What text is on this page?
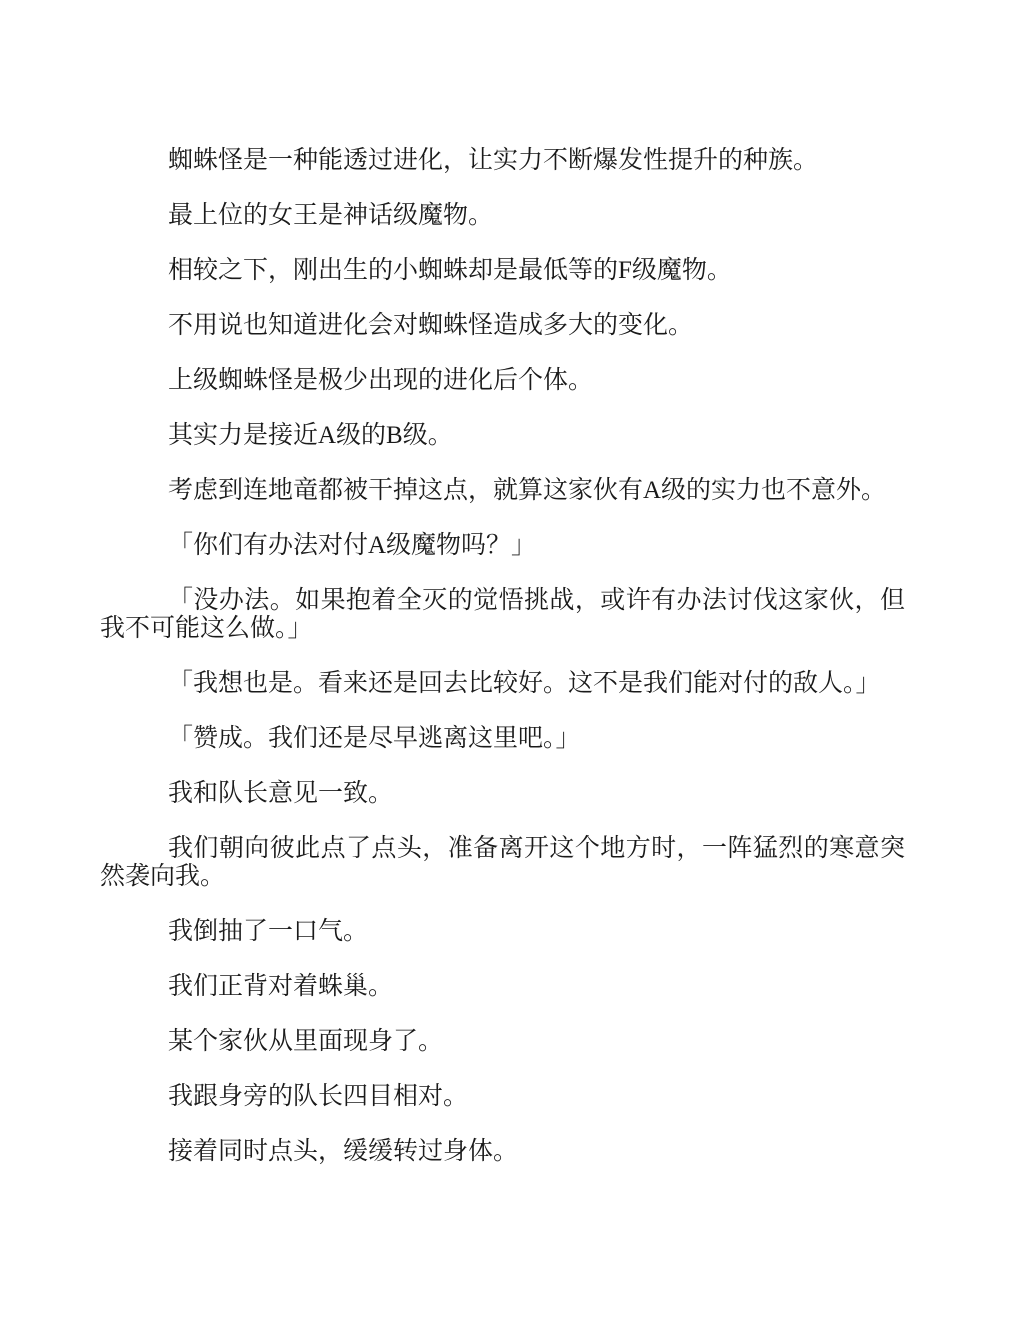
蜘蛛怪是一种能透过进化，让实力不断爆发性提升的种族。

最上位的女王是神话级魔物。

相较之下，刚出生的小蜘蛛却是最低等的F级魔物。

不用说也知道进化会对蜘蛛怪造成多大的变化。

上级蜘蛛怪是极少出现的进化后个体。

其实力是接近A级的B级。

考虑到连地竜都被干掉这点，就算这家伙有A级的实力也不意外。

「你们有办法对付A级魔物吗？」

「没办法。如果抱着全灭的觉悟挑战，或许有办法讨伐这家伙，但我不可能这么做。」

「我想也是。看来还是回去比较好。这不是我们能对付的敌人。」

「赞成。我们还是尽早逃离这里吧。」

我和队长意见一致。

我们朝向彼此点了点头，准备离开这个地方时，一阵猛烈的寒意突然袭向我。

我倒抽了一口气。

我们正背对着蛛巢。

某个家伙从里面现身了。

我跟身旁的队长四目相对。

接着同时点头，缓缓转过身体。
